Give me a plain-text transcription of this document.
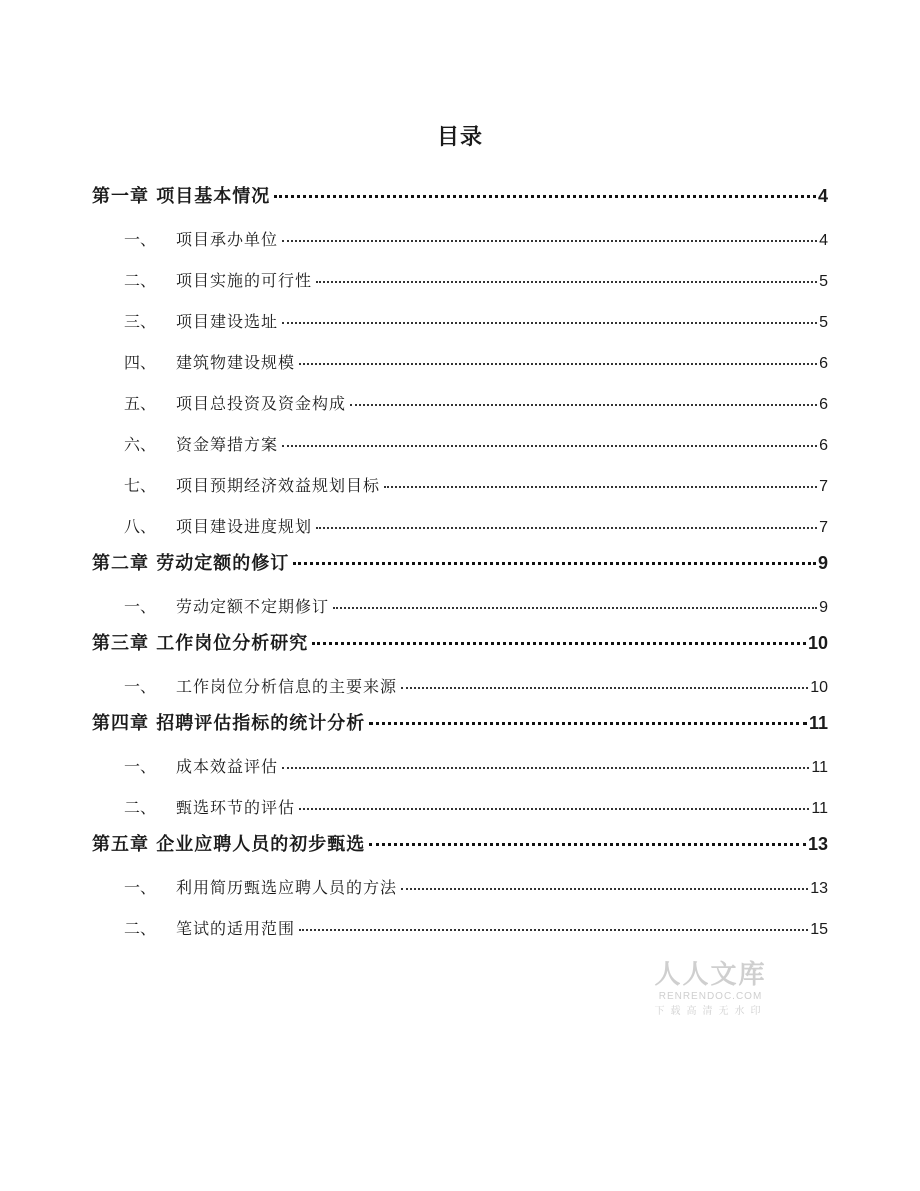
目录
第一章 项目基本情况	4
一、 项目承办单位	4
二、 项目实施的可行性	5
三、 项目建设选址	5
四、 建筑物建设规模	6
五、 项目总投资及资金构成	6
六、 资金筹措方案	6
七、 项目预期经济效益规划目标	7
八、 项目建设进度规划	7
第二章 劳动定额的修订	9
一、 劳动定额不定期修订	9
第三章 工作岗位分析研究	10
一、 工作岗位分析信息的主要来源	10
第四章 招聘评估指标的统计分析	11
一、 成本效益评估	11
二、 甄选环节的评估	11
第五章 企业应聘人员的初步甄选	13
一、 利用简历甄选应聘人员的方法	13
二、 笔试的适用范围	15
人人文库
RENRENDOC.COM
下载高清无水印
